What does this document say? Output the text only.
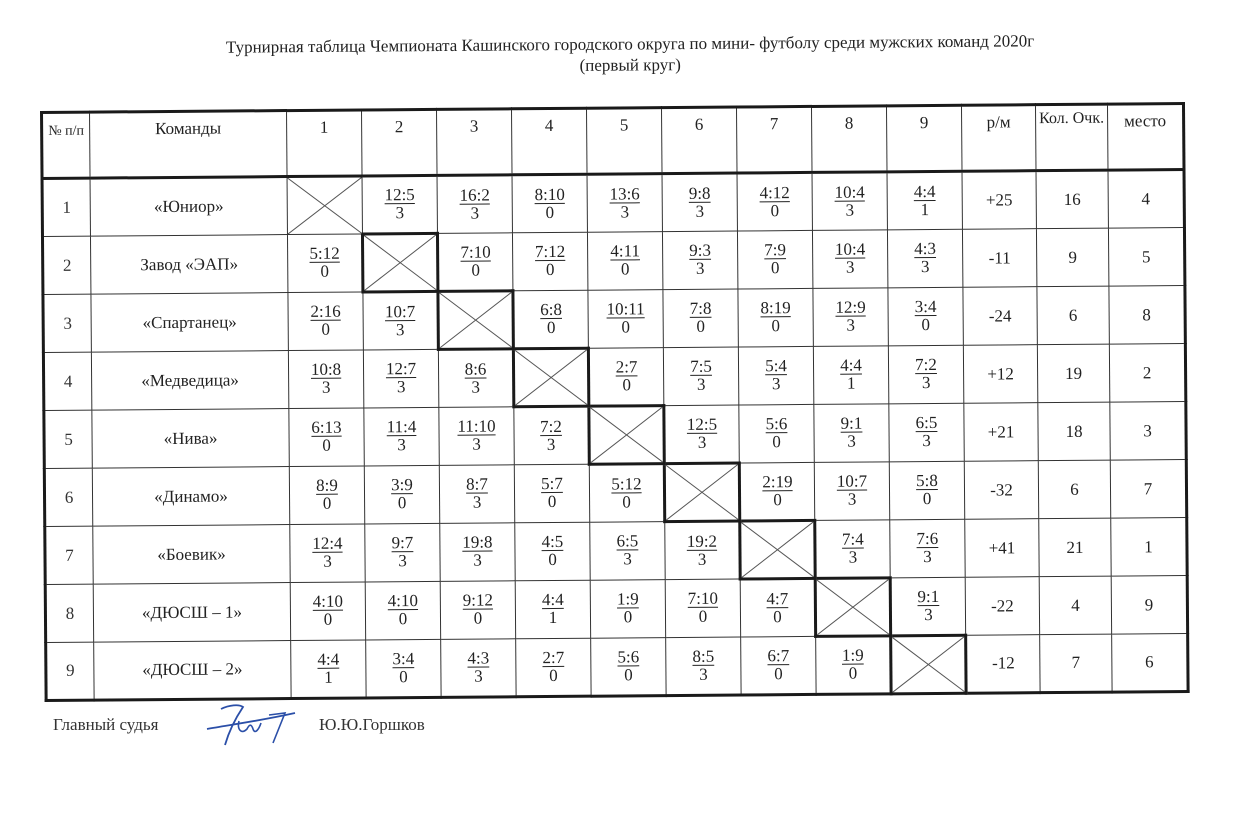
Турнирная таблица Чемпионата Кашинского городского округа по мини- футболу среди мужских команд 2020г
(первый круг)
№ п/п	Команды	1	2	3	4	5	6	7	8	9	р/м	Кол. Очк.	место
1	«Юниор»		$\frac{12:5}{3}$	$\frac{16:2}{3}$	$\frac{8:10}{0}$	$\frac{13:6}{3}$	$\frac{9:8}{3}$	$\frac{4:12}{0}$	$\frac{10:4}{3}$	$\frac{4:4}{1}$	+25	16	4
2	Завод «ЭАП»	$\frac{5:12}{0}$		$\frac{7:10}{0}$	$\frac{7:12}{0}$	$\frac{4:11}{0}$	$\frac{9:3}{3}$	$\frac{7:9}{0}$	$\frac{10:4}{3}$	$\frac{4:3}{3}$	-11	9	5
3	«Спартанец»	$\frac{2:16}{0}$	$\frac{10:7}{3}$		$\frac{6:8}{0}$	$\frac{10:11}{0}$	$\frac{7:8}{0}$	$\frac{8:19}{0}$	$\frac{12:9}{3}$	$\frac{3:4}{0}$	-24	6	8
4	«Медведица»	$\frac{10:8}{3}$	$\frac{12:7}{3}$	$\frac{8:6}{3}$		$\frac{2:7}{0}$	$\frac{7:5}{3}$	$\frac{5:4}{3}$	$\frac{4:4}{1}$	$\frac{7:2}{3}$	+12	19	2
5	«Нива»	$\frac{6:13}{0}$	$\frac{11:4}{3}$	$\frac{11:10}{3}$	$\frac{7:2}{3}$		$\frac{12:5}{3}$	$\frac{5:6}{0}$	$\frac{9:1}{3}$	$\frac{6:5}{3}$	+21	18	3
6	«Динамо»	$\frac{8:9}{0}$	$\frac{3:9}{0}$	$\frac{8:7}{3}$	$\frac{5:7}{0}$	$\frac{5:12}{0}$		$\frac{2:19}{0}$	$\frac{10:7}{3}$	$\frac{5:8}{0}$	-32	6	7
7	«Боевик»	$\frac{12:4}{3}$	$\frac{9:7}{3}$	$\frac{19:8}{3}$	$\frac{4:5}{0}$	$\frac{6:5}{3}$	$\frac{19:2}{3}$		$\frac{7:4}{3}$	$\frac{7:6}{3}$	+41	21	1
8	«ДЮСШ – 1»	$\frac{4:10}{0}$	$\frac{4:10}{0}$	$\frac{9:12}{0}$	$\frac{4:4}{1}$	$\frac{1:9}{0}$	$\frac{7:10}{0}$	$\frac{4:7}{0}$		$\frac{9:1}{3}$	-22	4	9
9	«ДЮСШ – 2»	$\frac{4:4}{1}$	$\frac{3:4}{0}$	$\frac{4:3}{3}$	$\frac{2:7}{0}$	$\frac{5:6}{0}$	$\frac{8:5}{3}$	$\frac{6:7}{0}$	$\frac{1:9}{0}$		-12	7	6
Главный судья	Ю.Ю.Горшков
